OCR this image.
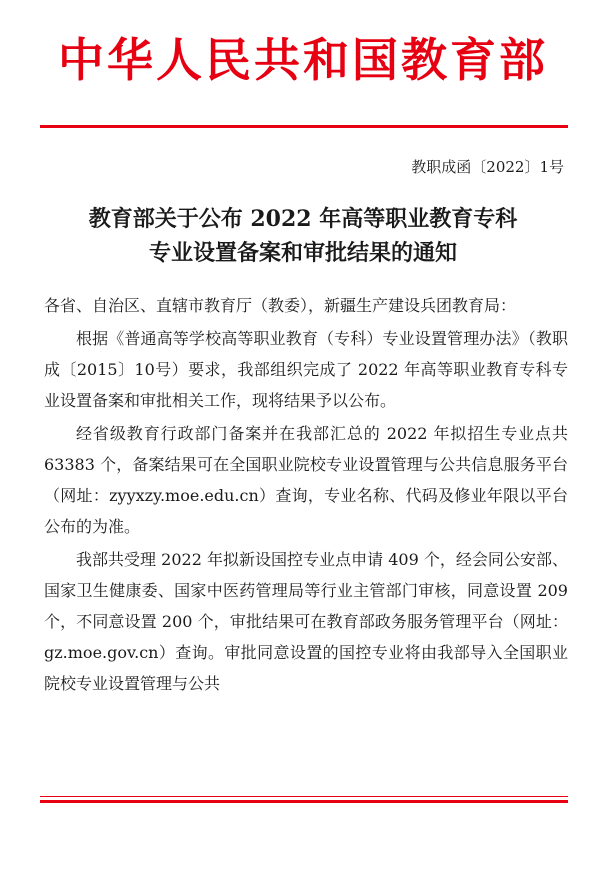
中华人民共和国教育部
教职成函〔2022〕1号
教育部关于公布 2022 年高等职业教育专科
专业设置备案和审批结果的通知

各省、自治区、直辖市教育厅（教委），新疆生产建设兵团教育局：

根据《普通高等学校高等职业教育（专科）专业设置管理办法》（教职成〔2015〕10号）要求，我部组织完成了 2022 年高等职业教育专科专业设置备案和审批相关工作，现将结果予以公布。

经省级教育行政部门备案并在我部汇总的 2022 年拟招生专业点共 63383 个，备案结果可在全国职业院校专业设置管理与公共信息服务平台（网址：zyyxzy.moe.edu.cn）查询，专业名称、代码及修业年限以平台公布的为准。

我部共受理 2022 年拟新设国控专业点申请 409 个，经会同公安部、国家卫生健康委、国家中医药管理局等行业主管部门审核，同意设置 209 个，不同意设置 200 个，审批结果可在教育部政务服务管理平台（网址：gz.moe.gov.cn）查询。审批同意设置的国控专业将由我部导入全国职业院校专业设置管理与公共
